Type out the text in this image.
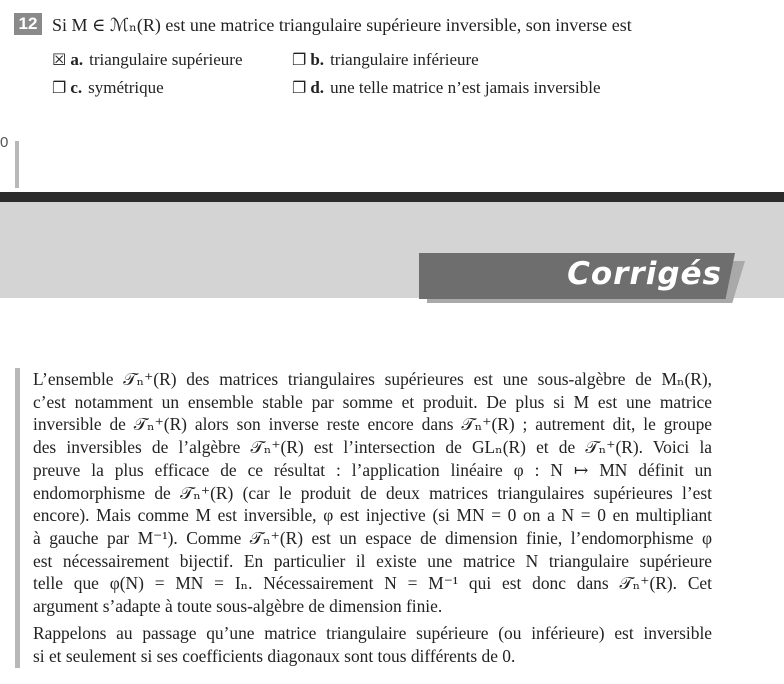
12 Si M ∈ ℳₙ(R) est une matrice triangulaire supérieure inversible, son inverse est
☒ a. triangulaire supérieure	❐ b. triangulaire inférieure
❐ c. symétrique	❐ d. une telle matrice n’est jamais inversible
0
Corrigés
L’ensemble 𝒯ₙ⁺(R) des matrices triangulaires supérieures est une sous-algèbre de Mₙ(R),
c’est notamment un ensemble stable par somme et produit. De plus si M est une matrice
inversible de 𝒯ₙ⁺(R) alors son inverse reste encore dans 𝒯ₙ⁺(R) ; autrement dit, le groupe
des inversibles de l’algèbre 𝒯ₙ⁺(R) est l’intersection de GLₙ(R) et de 𝒯ₙ⁺(R). Voici la
preuve la plus efficace de ce résultat : l’application linéaire φ : N ↦ MN définit un
endomorphisme de 𝒯ₙ⁺(R) (car le produit de deux matrices triangulaires supérieures l’est
encore). Mais comme M est inversible, φ est injective (si MN = 0 on a N = 0 en multipliant
à gauche par M⁻¹). Comme 𝒯ₙ⁺(R) est un espace de dimension finie, l’endomorphisme φ
est nécessairement bijectif. En particulier il existe une matrice N triangulaire supérieure
telle que φ(N) = MN = Iₙ. Nécessairement N = M⁻¹ qui est donc dans 𝒯ₙ⁺(R). Cet
argument s’adapte à toute sous-algèbre de dimension finie.
Rappelons au passage qu’une matrice triangulaire supérieure (ou inférieure) est inversible
si et seulement si ses coefficients diagonaux sont tous différents de 0.
